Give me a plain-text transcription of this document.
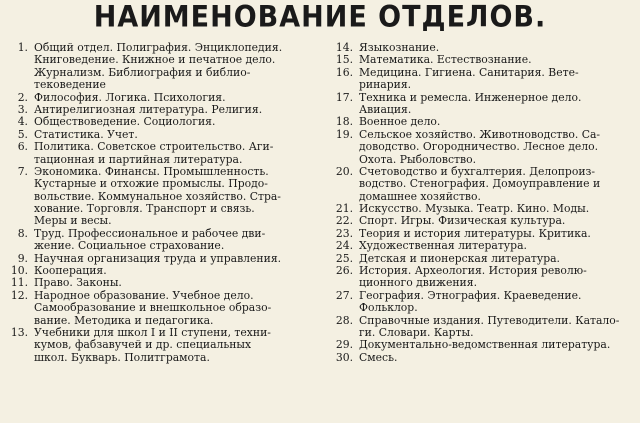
НАИМЕНОВАНИЕ ОТДЕЛОВ.
1. Общий отдел. Полиграфия. Энциклопедия.
Книговедение. Книжное и печатное дело.
Журнализм. Библиография и библио-
тековедение
2. Философия. Логика. Психология.
3. Антирелигиозная литература. Религия.
4. Обществоведение. Социология.
5. Статистика. Учет.
6. Политика. Советское строительство. Аги-
тационная и партийная литература.
7. Экономика. Финансы. Промышленность.
Кустарные и отхожие промыслы. Продо-
вольствие. Коммунальное хозяйство. Стра-
хование. Торговля. Транспорт и связь.
Меры и весы.
8. Труд. Профессиональное и рабочее дви-
жение. Социальное страхование.
9. Научная организация труда и управления.
10. Кооперация.
11. Право. Законы.
12. Народное образование. Учебное дело.
Самообразование и внешкольное образо-
вание. Методика и педагогика.
13. Учебники для школ I и II ступени, техни-
кумов, фабзавучей и др. специальных
школ. Букварь. Политграмота.
14. Языкознание.
15. Математика. Естествознание.
16. Медицина. Гигиена. Санитария. Вете-
ринария.
17. Техника и ремесла. Инженерное дело.
Авиация.
18. Военное дело.
19. Сельское хозяйство. Животноводство. Са-
доводство. Огородничество. Лесное дело.
Охота. Рыболовство.
20. Счетоводство и бухгалтерия. Делопроиз-
водство. Стенография. Домоуправление и
домашнее хозяйство.
21. Искусство. Музыка. Театр. Кино. Моды.
22. Спорт. Игры. Физическая культура.
23. Теория и история литературы. Критика.
24. Художественная литература.
25. Детская и пионерская литература.
26. История. Археология. История револю-
ционного движения.
27. География. Этнография. Краеведение.
Фольклор.
28. Справочные издания. Путеводители. Катало-
ги. Словари. Карты.
29. Документально-ведомственная литература.
30. Смесь.
